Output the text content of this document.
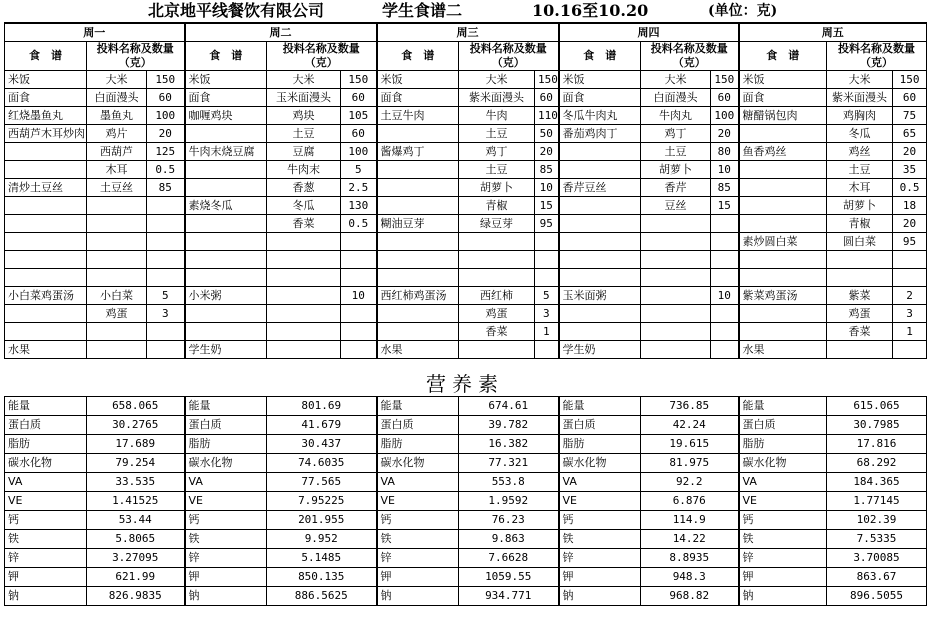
北京地平线餐饮有限公司	学生食谱二	10.16至10.20	(单位：克)
周一			周二			周三			周四			周五		
食　谱	投料名称及数量（克）		食　谱	投料名称及数量（克）		食　谱	投料名称及数量（克）		食　谱	投料名称及数量（克）		食　谱	投料名称及数量（克）	
米饭	大米	150	米饭	大米	150	米饭	大米	150	米饭	大米	150	米饭	大米	150
面食	白面漫头	60	面食	玉米面漫头	60	面食	紫米面漫头	60	面食	白面漫头	60	面食	紫米面漫头	60
红烧墨鱼丸	墨鱼丸	100	咖喱鸡块	鸡块	105	土豆牛肉	牛肉	110	冬瓜牛肉丸	牛肉丸	100	糖醋锅包肉	鸡胸肉	75
西葫芦木耳炒肉	鸡片	20		土豆	60		土豆	50	番茄鸡肉丁	鸡丁	20		冬瓜	65
	西葫芦	125	牛肉末烧豆腐	豆腐	100	酱爆鸡丁	鸡丁	20		土豆	80	鱼香鸡丝	鸡丝	20
	木耳	0.5		牛肉末	5		土豆	85		胡萝卜	10		土豆	35
清炒土豆丝	土豆丝	85		香葱	2.5		胡萝卜	10	香芹豆丝	香芹	85		木耳	0.5
			素烧冬瓜	冬瓜	130		青椒	15		豆丝	15		胡萝卜	18
				香菜	0.5	糊油豆芽	绿豆芽	95					青椒	20
												素炒圆白菜	圆白菜	95

小白菜鸡蛋汤	小白菜	5	小米粥		10	西红柿鸡蛋汤	西红柿	5	玉米面粥		10	紫菜鸡蛋汤	紫菜	2
	鸡蛋	3					鸡蛋	3					鸡蛋	3
							香菜	1					香菜	1
水果			学生奶			水果			学生奶			水果		
营养素
能量	658.065	能量	801.69	能量	674.61	能量	736.85	能量	615.065
蛋白质	30.2765	蛋白质	41.679	蛋白质	39.782	蛋白质	42.24	蛋白质	30.7985
脂肪	17.689	脂肪	30.437	脂肪	16.382	脂肪	19.615	脂肪	17.816
碳水化物	79.254	碳水化物	74.6035	碳水化物	77.321	碳水化物	81.975	碳水化物	68.292
VA	33.535	VA	77.565	VA	553.8	VA	92.2	VA	184.365
VE	1.41525	VE	7.95225	VE	1.9592	VE	6.876	VE	1.77145
钙	53.44	钙	201.955	钙	76.23	钙	114.9	钙	102.39
铁	5.8065	铁	9.952	铁	9.863	铁	14.22	铁	7.5335
锌	3.27095	锌	5.1485	锌	7.6628	锌	8.8935	锌	3.70085
钾	621.99	钾	850.135	钾	1059.55	钾	948.3	钾	863.67
钠	826.9835	钠	886.5625	钠	934.771	钠	968.82	钠	896.5055
